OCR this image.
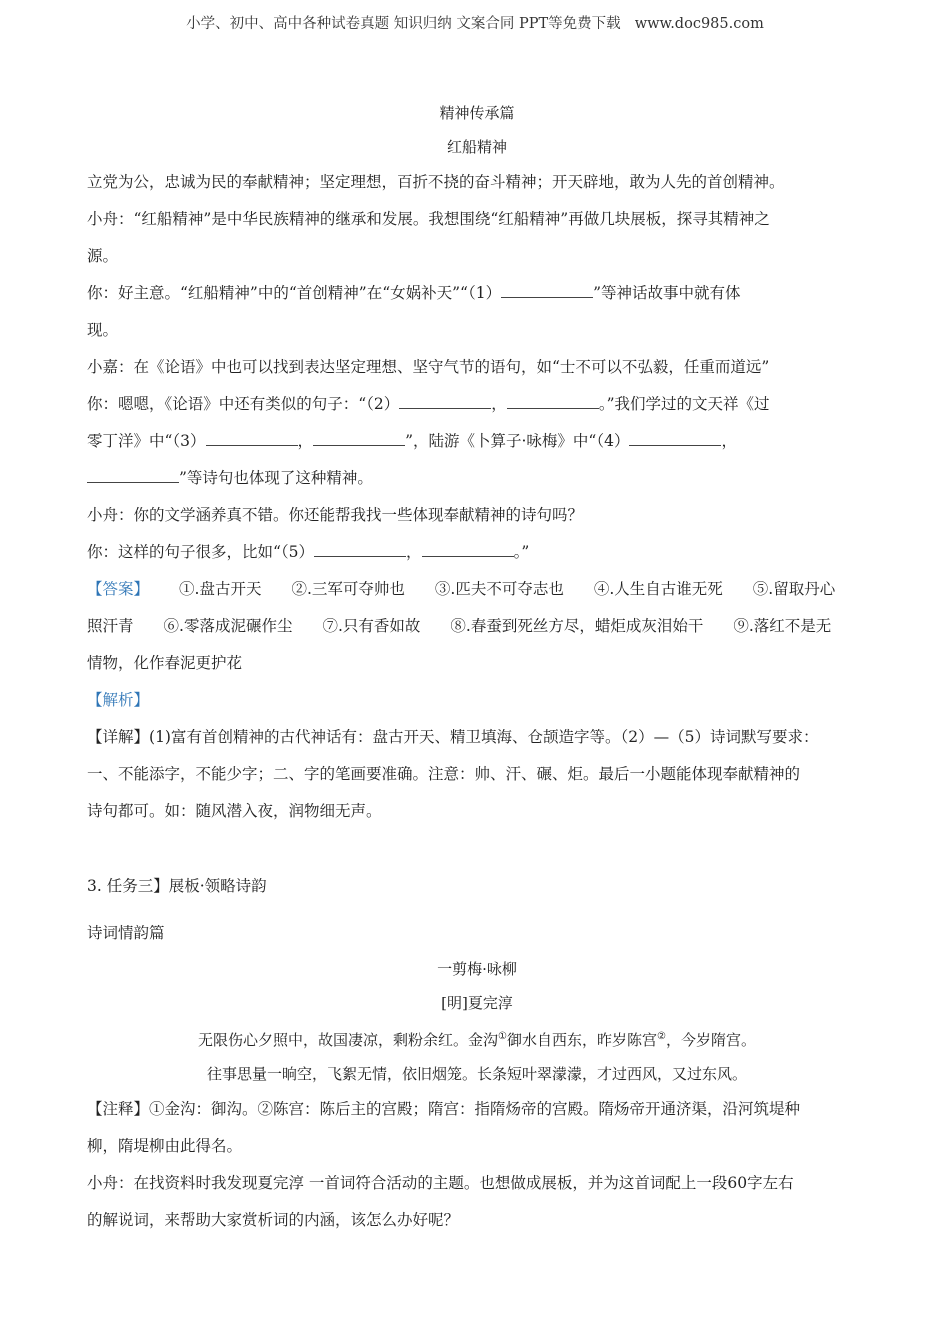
小学、初中、高中各种试卷真题 知识归纳 文案合同 PPT等免费下载 www.doc985.com

精神传承篇

红船精神

立党为公，忠诚为民的奉献精神；坚定理想，百折不挠的奋斗精神；开天辟地，敢为人先的首创精神。

小舟：“红船精神”是中华民族精神的继承和发展。我想围绕“红船精神”再做几块展板，探寻其精神之

源。

你：好主意。“红船精神”中的“首创精神”在“女娲补天”“（1）	”等神话故事中就有体

现。

小嘉：在《论语》中也可以找到表达坚定理想、坚守气节的语句，如“士不可以不弘毅，任重而道远”

你：嗯嗯，《论语》中还有类似的句子：“（2）	，	。”我们学过的文天祥《过

零丁洋》中“（3）	，	”，陆游《卜算子·咏梅》中“（4）	，

”等诗句也体现了这种精神。

小舟：你的文学涵养真不错。你还能帮我找一些体现奉献精神的诗句吗？

你：这样的句子很多，比如“（5）	，	。”

【答案】 ①.盘古开天 ②.三军可夺帅也 ③.匹夫不可夺志也 ④.人生自古谁无死 ⑤.留取丹心

照汗青 ⑥.零落成泥碾作尘 ⑦.只有香如故 ⑧.春蚕到死丝方尽，蜡炬成灰泪始干 ⑨.落红不是无

情物，化作春泥更护花

【解析】

【详解】(1)富有首创精神的古代神话有：盘古开天、精卫填海、仓颉造字等。（2）—（5）诗词默写要求：

一、不能添字，不能少字；二、字的笔画要准确。注意：帅、汗、碾、炬。最后一小题能体现奉献精神的

诗句都可。如：随风潜入夜，润物细无声。

3. 任务三】展板·领略诗韵

诗词情韵篇

一剪梅·咏柳

[明]夏完淳

无限伤心夕照中，故国凄凉，剩粉余红。金沟①御水自西东，昨岁陈宫②，今岁隋宫。

往事思量一晌空，飞絮无情，依旧烟笼。长条短叶翠濛濛，才过西风，又过东风。

【注释】①金沟：御沟。②陈宫：陈后主的宫殿；隋宫：指隋炀帝的宫殿。隋炀帝开通济渠，沿河筑堤种

柳，隋堤柳由此得名。

小舟：在找资料时我发现夏完淳 一首词符合活动的主题。也想做成展板，并为这首词配上一段60字左右

的解说词，来帮助大家赏析词的内涵，该怎么办好呢？
